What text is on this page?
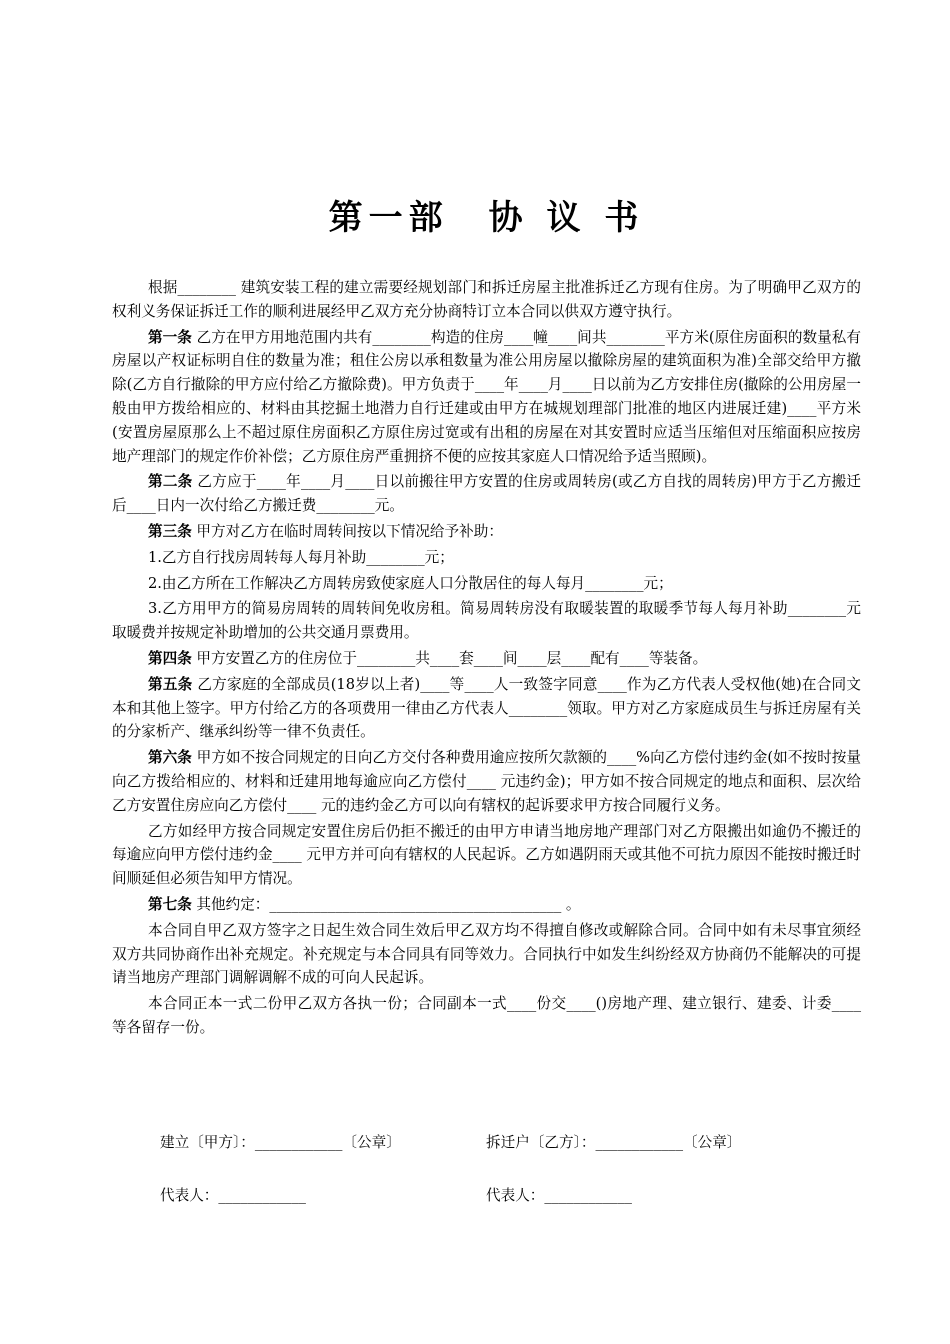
第一部　协 议 书

根据________ 建筑安装工程的建立需要经规划部门和拆迁房屋主批准拆迁乙方现有住房。为了明确甲乙双方的权利义务保证拆迁工作的顺利进展经甲乙双方充分协商特订立本合同以供双方遵守执行。

第一条 乙方在甲方用地范围内共有________构造的住房____幢____间共________平方米(原住房面积的数量私有房屋以产权证标明自住的数量为准；租住公房以承租数量为准公用房屋以撤除房屋的建筑面积为准)全部交给甲方撤除(乙方自行撤除的甲方应付给乙方撤除费)。甲方负责于____年____月____日以前为乙方安排住房(撤除的公用房屋一般由甲方拨给相应的、材料由其挖掘土地潜力自行迁建或由甲方在城规划理部门批准的地区内进展迁建)____平方米(安置房屋原那么上不超过原住房面积乙方原住房过宽或有出租的房屋在对其安置时应适当压缩但对压缩面积应按房地产理部门的规定作价补偿；乙方原住房严重拥挤不便的应按其家庭人口情况给予适当照顾)。

第二条 乙方应于____年____月____日以前搬往甲方安置的住房或周转房(或乙方自找的周转房)甲方于乙方搬迁后____日内一次付给乙方搬迁费________元。

第三条 甲方对乙方在临时周转间按以下情况给予补助：

1.乙方自行找房周转每人每月补助________元；

2.由乙方所在工作解决乙方周转房致使家庭人口分散居住的每人每月________元；

3.乙方用甲方的简易房周转的周转间免收房租。简易周转房没有取暖装置的取暖季节每人每月补助________元取暖费并按规定补助增加的公共交通月票费用。

第四条 甲方安置乙方的住房位于________共____套____间____层____配有____等装备。

第五条 乙方家庭的全部成员(18岁以上者)____等____人一致签字同意____作为乙方代表人受权他(她)在合同文本和其他上签字。甲方付给乙方的各项费用一律由乙方代表人________领取。甲方对乙方家庭成员生与拆迁房屋有关的分家析产、继承纠纷等一律不负责任。

第六条 甲方如不按合同规定的日向乙方交付各种费用逾应按所欠款额的____%向乙方偿付违约金(如不按时按量向乙方拨给相应的、材料和迁建用地每逾应向乙方偿付____ 元违约金)；甲方如不按合同规定的地点和面积、层次给乙方安置住房应向乙方偿付____ 元的违约金乙方可以向有辖权的起诉要求甲方按合同履行义务。

乙方如经甲方按合同规定安置住房后仍拒不搬迁的由甲方申请当地房地产理部门对乙方限搬出如逾仍不搬迁的每逾应向甲方偿付违约金____ 元甲方并可向有辖权的人民起诉。乙方如遇阴雨天或其他不可抗力原因不能按时搬迁时间顺延但必须告知甲方情况。

第七条 其他约定：________________________________________ 。

本合同自甲乙双方签字之日起生效合同生效后甲乙双方均不得擅自修改或解除合同。合同中如有未尽事宜须经双方共同协商作出补充规定。补充规定与本合同具有同等效力。合同执行中如发生纠纷经双方协商仍不能解决的可提请当地房产理部门调解调解不成的可向人民起诉。

本合同正本一式二份甲乙双方各执一份；合同副本一式____份交____()房地产理、建立银行、建委、计委____ 等各留存一份。

建立〔甲方〕：____________〔公章〕	拆迁户〔乙方〕：____________〔公章〕
代表人：____________	代表人：____________
